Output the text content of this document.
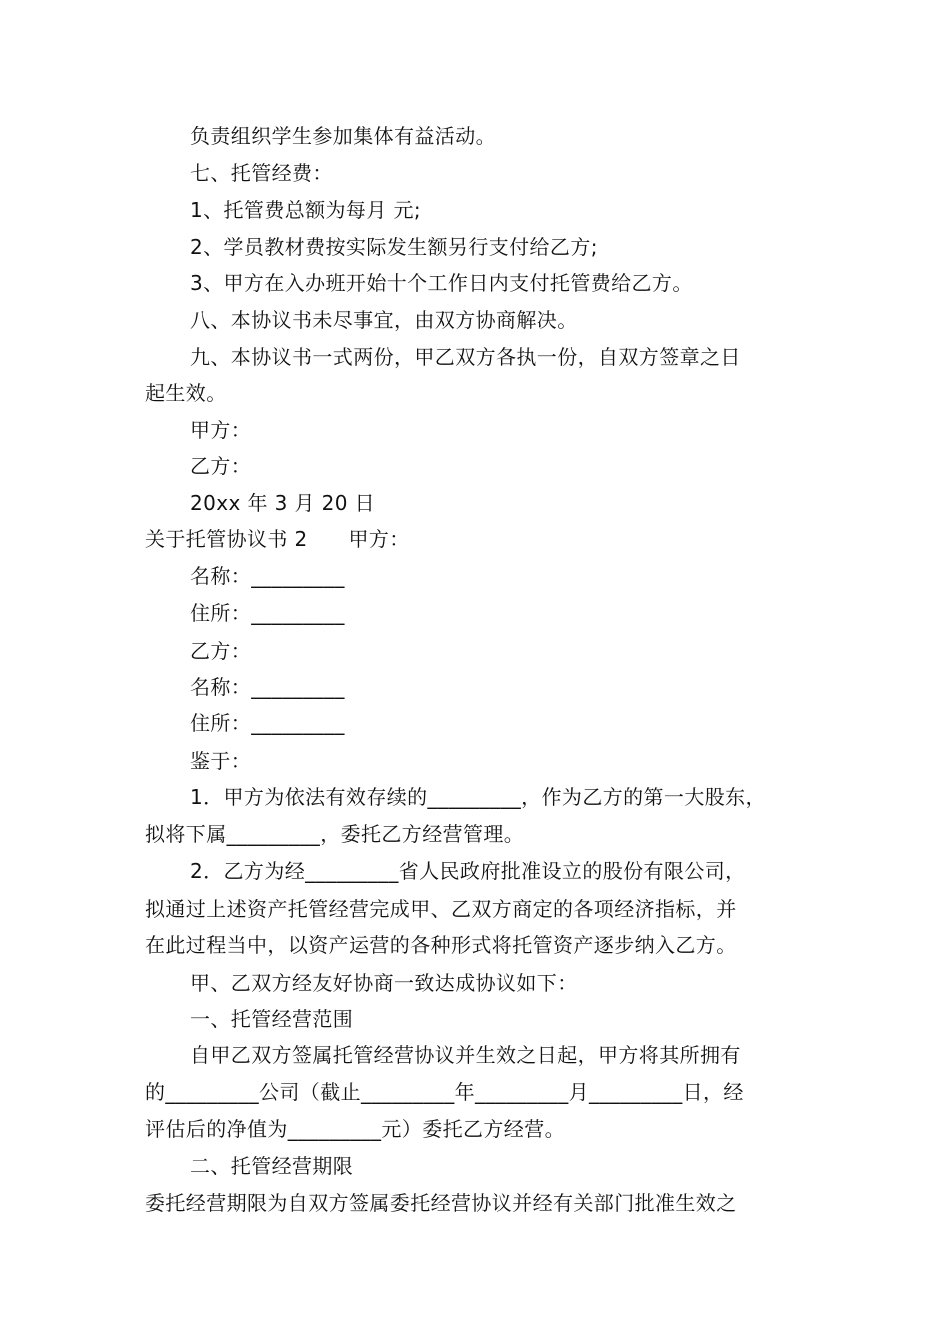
负责组织学生参加集体有益活动。
七、托管经费：
1、托管费总额为每月 元;
2、学员教材费按实际发生额另行支付给乙方;
3、甲方在入办班开始十个工作日内支付托管费给乙方。
八、本协议书未尽事宜，由双方协商解决。
九、本协议书一式两份，甲乙双方各执一份，自双方签章之日
起生效。
甲方：
乙方：
20xx 年 3 月 20 日
关于托管协议书 2　　甲方：
名称：_________
住所：_________
乙方：
名称：_________
住所：_________
鉴于：
1．甲方为依法有效存续的_________，作为乙方的第一大股东，
拟将下属_________，委托乙方经营管理。
2．乙方为经_________省人民政府批准设立的股份有限公司，
拟通过上述资产托管经营完成甲、乙双方商定的各项经济指标，并
在此过程当中，以资产运营的各种形式将托管资产逐步纳入乙方。
甲、乙双方经友好协商一致达成协议如下：
一、托管经营范围
自甲乙双方签属托管经营协议并生效之日起，甲方将其所拥有
的_________公司（截止_________年_________月_________日，经
评估后的净值为_________元）委托乙方经营。
二、托管经营期限
委托经营期限为自双方签属委托经营协议并经有关部门批准生效之
